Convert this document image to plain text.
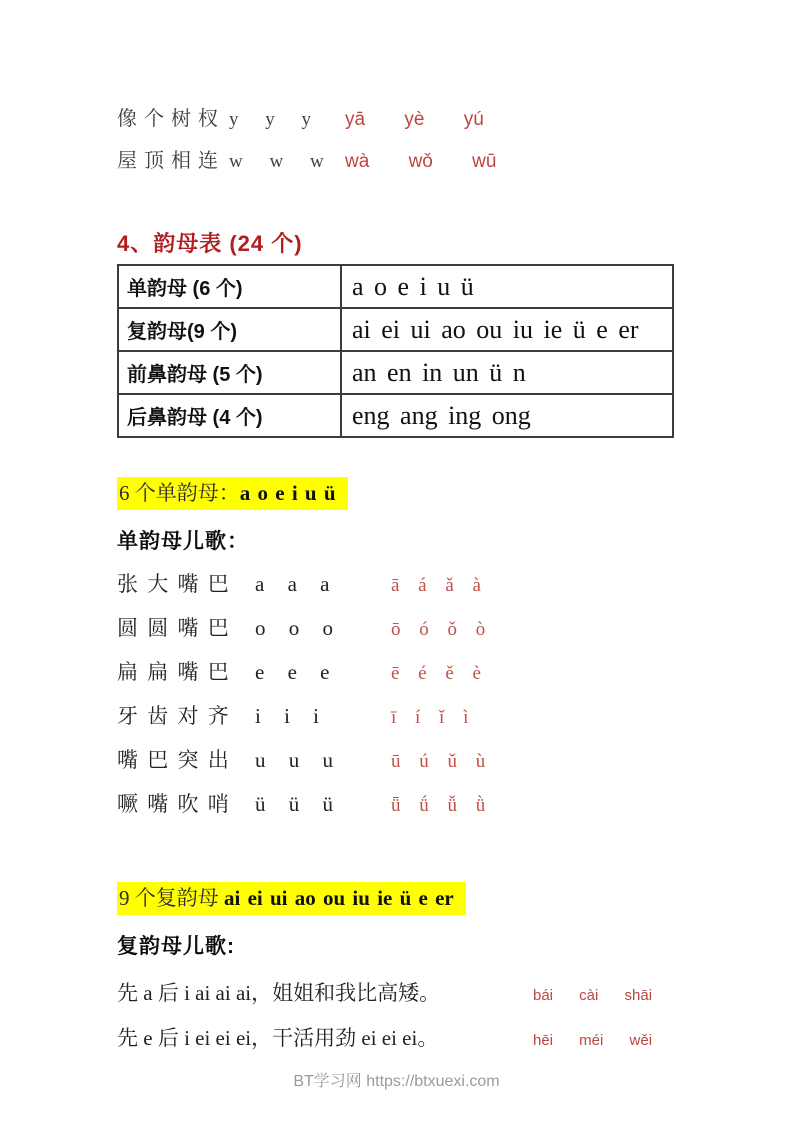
像 个 树 杈 y y y	yā yè yú
屋 顶 相 连 w w w wà wǒ wū
4、韵母表 (24 个)
单韵母 (6 个)	a o e i u ü
复韵母(9 个)	ai ei ui ao ou iu ie ü e er
前鼻韵母 (5 个)	an en in un ü n
后鼻韵母 (4 个)	eng ang ing ong
6 个单韵母：a o e i u ü
单韵母儿歌：
张 大 嘴 巴	a a a	ā á ǎ à
圆 圆 嘴 巴	o o o	ō ó ǒ ò
扁 扁 嘴 巴	e e e	ē é ě è
牙 齿 对 齐	i i i	ī í ǐ ì
嘴 巴 突 出	u u u	ū ú ǔ ù
噘 嘴 吹 哨	ü ü ü	ǖ ǘ ǚ ǜ
9 个复韵母 ai ei ui ao ou iu ie ü e er
复韵母儿歌:
先 a 后 i ai ai ai，姐姐和我比高矮。	bái cài shāi
先 e 后 i ei ei ei，干活用劲 ei ei ei。	hēi méi wěi
BT学习网 https://btxuexi.com
